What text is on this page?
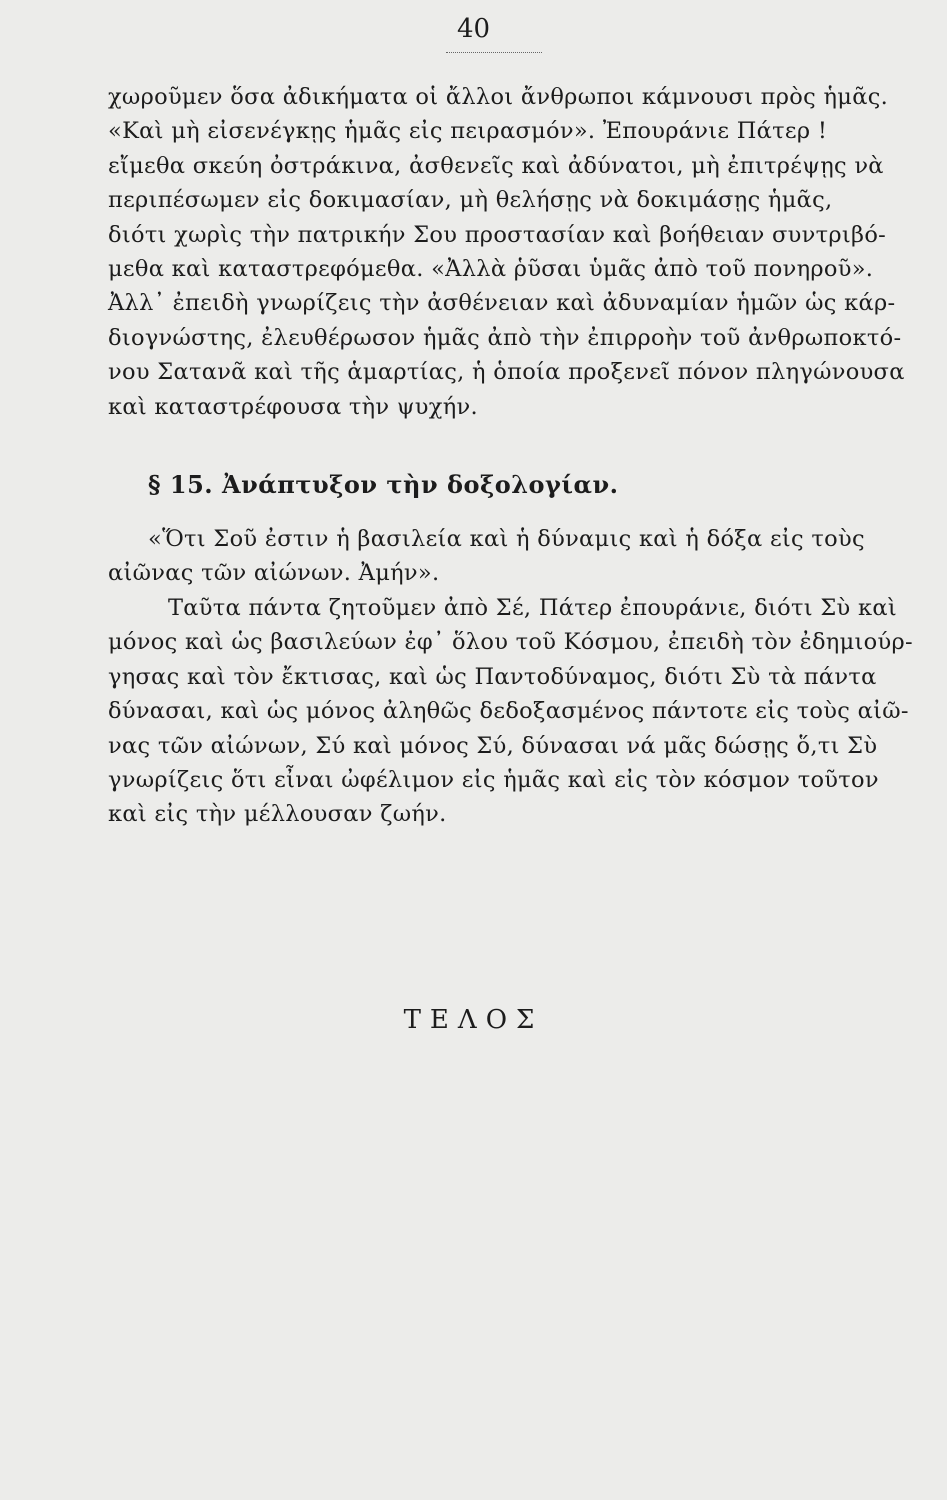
40
χωροῦμεν ὅσα ἀδικήματα οἱ ἄλλοι ἄνθρωποι κάμνουσι πρὸς ἡμᾶς.
«Καὶ μὴ εἰσενέγκῃς ἡμᾶς εἰς πειρασμόν». Ἐπουράνιε Πάτερ !
εἴμεθα σκεύη ὀστράκινα, ἀσθενεῖς καὶ ἀδύνατοι, μὴ ἐπιτρέψῃς νὰ
περιπέσωμεν εἰς δοκιμασίαν, μὴ θελήσῃς νὰ δοκιμάσῃς ἡμᾶς,
διότι χωρὶς τὴν πατρικήν Σου προστασίαν καὶ βοήθειαν συντριβό-
μεθα καὶ καταστρεφόμεθα. «Ἀλλὰ ῥῦσαι ὑμᾶς ἀπὸ τοῦ πονηροῦ».
Ἀλλ᾽ ἐπειδὴ γνωρίζεις τὴν ἀσθένειαν καὶ ἀδυναμίαν ἡμῶν ὡς κάρ-
διογνώστης, ἐλευθέρωσον ἡμᾶς ἀπὸ τὴν ἐπιρροὴν τοῦ ἀνθρωποκτό-
νου Σατανᾶ καὶ τῆς ἁμαρτίας, ἡ ὁποία προξενεῖ πόνον πληγώνουσα
καὶ καταστρέφουσα τὴν ψυχήν.
§ 15. Ἀνάπτυξον τὴν δοξολογίαν.
«Ὅτι Σοῦ ἐστιν ἡ βασιλεία καὶ ἡ δύναμις καὶ ἡ δόξα εἰς τοὺς
αἰῶνας τῶν αἰώνων. Ἀμήν».
Ταῦτα πάντα ζητοῦμεν ἀπὸ Σέ, Πάτερ ἐπουράνιε, διότι Σὺ καὶ
μόνος καὶ ὡς βασιλεύων ἐφ᾽ ὅλου τοῦ Κόσμου, ἐπειδὴ τὸν ἐδημιούρ-
γησας καὶ τὸν ἔκτισας, καὶ ὡς Παντοδύναμος, διότι Σὺ τὰ πάντα
δύνασαι, καὶ ὡς μόνος ἀληθῶς δεδοξασμένος πάντοτε εἰς τοὺς αἰῶ-
νας τῶν αἰώνων, Σύ καὶ μόνος Σύ, δύνασαι νά μᾶς δώσῃς ὅ,τι Σὺ
γνωρίζεις ὅτι εἶναι ὠφέλιμον εἰς ἡμᾶς καὶ εἰς τὸν κόσμον τοῦτον
καὶ εἰς τὴν μέλλουσαν ζωήν.
ΤΕΛΟΣ
